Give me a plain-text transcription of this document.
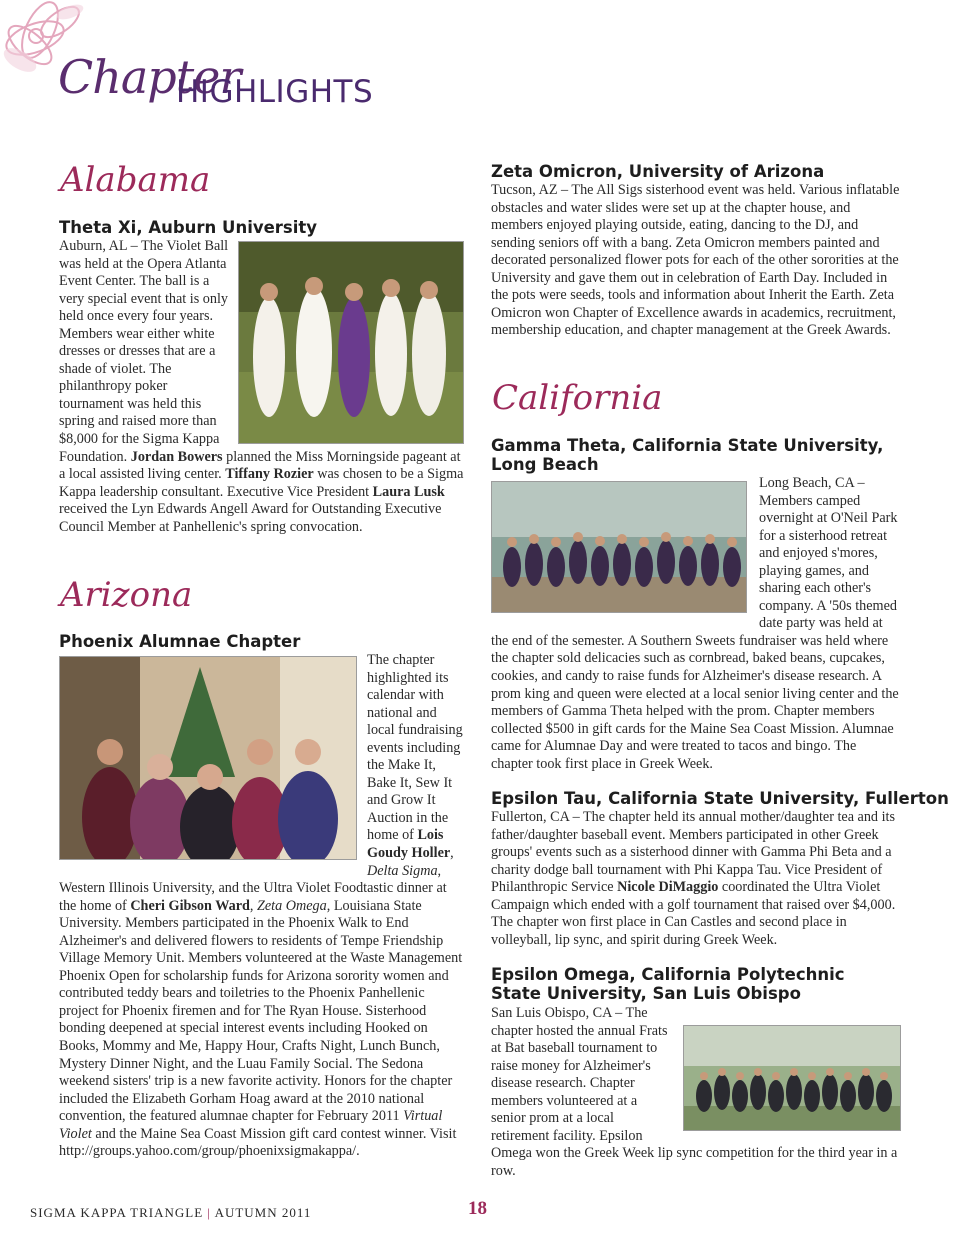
Chapter
HIGHLIGHTS
Alabama
Theta Xi, Auburn University
Auburn, AL – The Violet Ball was held at the Opera Atlanta Event Center. The ball is a very special event that is only held once every four years. Members wear either white dresses or dresses that are a shade of violet. The philanthropy poker tournament was held this spring and raised more than $8,000 for the Sigma Kappa Foundation. Jordan Bowers planned the Miss Morningside pageant at a local assisted living center. Tiffany Rozier was chosen to be a Sigma Kappa leadership consultant. Executive Vice President Laura Lusk received the Lyn Edwards Angell Award for Outstanding Executive Council Member at Panhellenic's spring convocation.
Arizona
Phoenix Alumnae Chapter
The chapter highlighted its calendar with national and local fundraising events including the Make It, Bake It, Sew It and Grow It Auction in the home of Lois Goudy Holler, Delta Sigma, Western Illinois University, and the Ultra Violet Foodtastic dinner at the home of Cheri Gibson Ward, Zeta Omega, Louisiana State University. Members participated in the Phoenix Walk to End Alzheimer's and delivered flowers to residents of Tempe Friendship Village Memory Unit. Members volunteered at the Waste Management Phoenix Open for scholarship funds for Arizona sorority women and contributed teddy bears and toiletries to the Phoenix Panhellenic project for Phoenix firemen and for The Ryan House. Sisterhood bonding deepened at special interest events including Hooked on Books, Mommy and Me, Happy Hour, Crafts Night, Lunch Bunch, Mystery Dinner Night, and the Luau Family Social. The Sedona weekend sisters' trip is a new favorite activity. Honors for the chapter included the Elizabeth Gorham Hoag award at the 2010 national convention, the featured alumnae chapter for February 2011 Virtual Violet and the Maine Sea Coast Mission gift card contest winner. Visit http://groups.yahoo.com/group/phoenixsigmakappa/.
Zeta Omicron, University of Arizona
Tucson, AZ – The All Sigs sisterhood event was held. Various inflatable obstacles and water slides were set up at the chapter house, and members enjoyed playing outside, eating, dancing to the DJ, and sending seniors off with a bang. Zeta Omicron members painted and decorated personalized flower pots for each of the other sororities at the University and gave them out in celebration of Earth Day. Included in the pots were seeds, tools and information about Inherit the Earth. Zeta Omicron won Chapter of Excellence awards in academics, recruitment, membership education, and chapter management at the Greek Awards.
California
Gamma Theta, California State University, Long Beach
Long Beach, CA – Members camped overnight at O'Neil Park for a sisterhood retreat and enjoyed s'mores, playing games, and sharing each other's company. A '50s themed date party was held at the end of the semester. A Southern Sweets fundraiser was held where the chapter sold delicacies such as cornbread, baked beans, cupcakes, cookies, and candy to raise funds for Alzheimer's disease research. A prom king and queen were elected at a local senior living center and the members of Gamma Theta helped with the prom. Chapter members collected $500 in gift cards for the Maine Sea Coast Mission. Alumnae came for Alumnae Day and were treated to tacos and bingo. The chapter took first place in Greek Week.
Epsilon Tau, California State University, Fullerton
Fullerton, CA – The chapter held its annual mother/daughter tea and its father/daughter baseball event. Members participated in other Greek groups' events such as a sisterhood dinner with Gamma Phi Beta and a charity dodge ball tournament with Phi Kappa Tau. Vice President of Philanthropic Service Nicole DiMaggio coordinated the Ultra Violet Campaign which ended with a golf tournament that raised over $4,000. The chapter won first place in Can Castles and second place in volleyball, lip sync, and spirit during Greek Week.
Epsilon Omega, California Polytechnic State University, San Luis Obispo
San Luis Obispo, CA – The chapter hosted the annual Frats at Bat baseball tournament to raise money for Alzheimer's disease research. Chapter members volunteered at a senior prom at a local retirement facility. Epsilon Omega won the Greek Week lip sync competition for the third year in a row.
SIGMA KAPPA TRIANGLE | AUTUMN 2011	18
